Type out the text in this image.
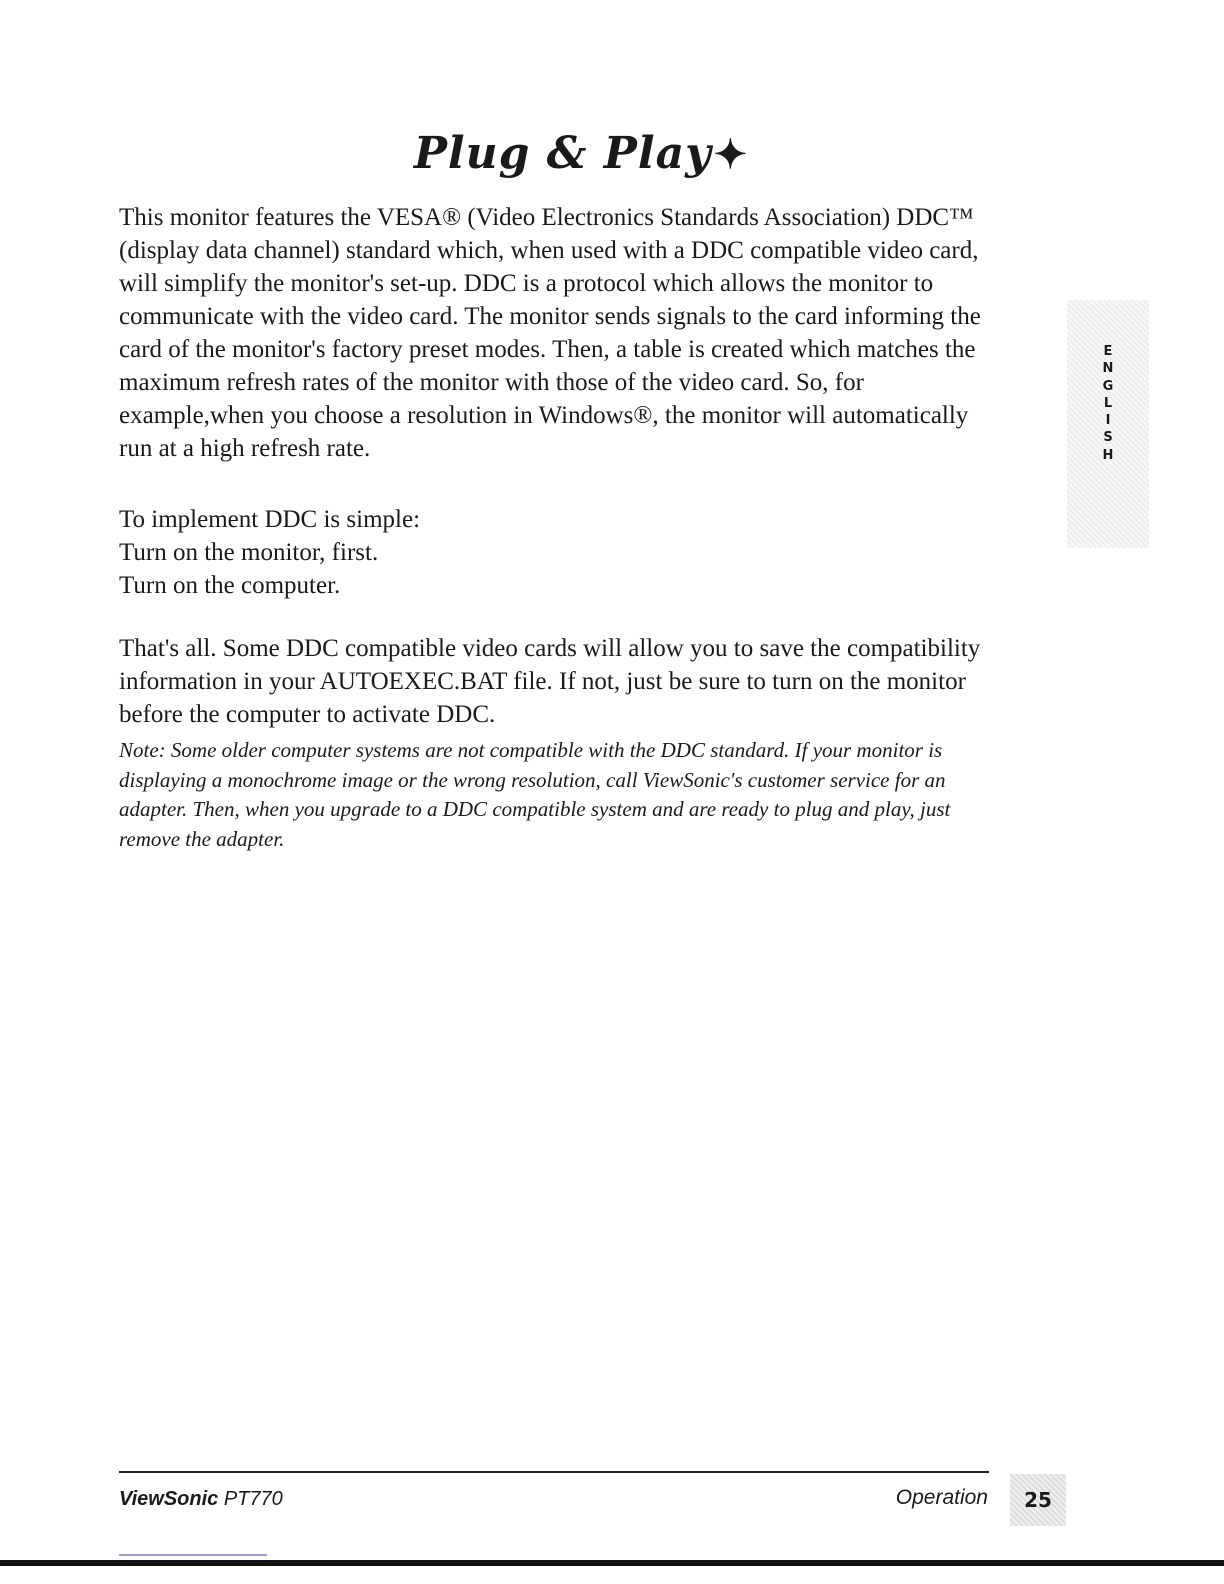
Plug & Play✦

This monitor features the VESA® (Video Electronics Standards Association) DDC™ (display data channel) standard which, when used with a DDC compatible video card, will simplify the monitor's set-up. DDC is a protocol which allows the monitor to communicate with the video card. The monitor sends signals to the card informing the card of the monitor's factory preset modes. Then, a table is created which matches the maximum refresh rates of the monitor with those of the video card. So, for example,when you choose a resolution in Windows®, the monitor will automatically run at a high refresh rate.

To implement DDC is simple:
Turn on the monitor, first.
Turn on the computer.

That's all. Some DDC compatible video cards will allow you to save the compatibility information in your AUTOEXEC.BAT file. If not, just be sure to turn on the monitor before the computer to activate DDC.

Note: Some older computer systems are not compatible with the DDC standard. If your monitor is displaying a monochrome image or the wrong resolution, call ViewSonic's customer service for an adapter. Then, when you upgrade to a DDC compatible system and are ready to plug and play, just remove the adapter.

E
N
G
L
I
S
H
ViewSonic PT770	Operation	25
